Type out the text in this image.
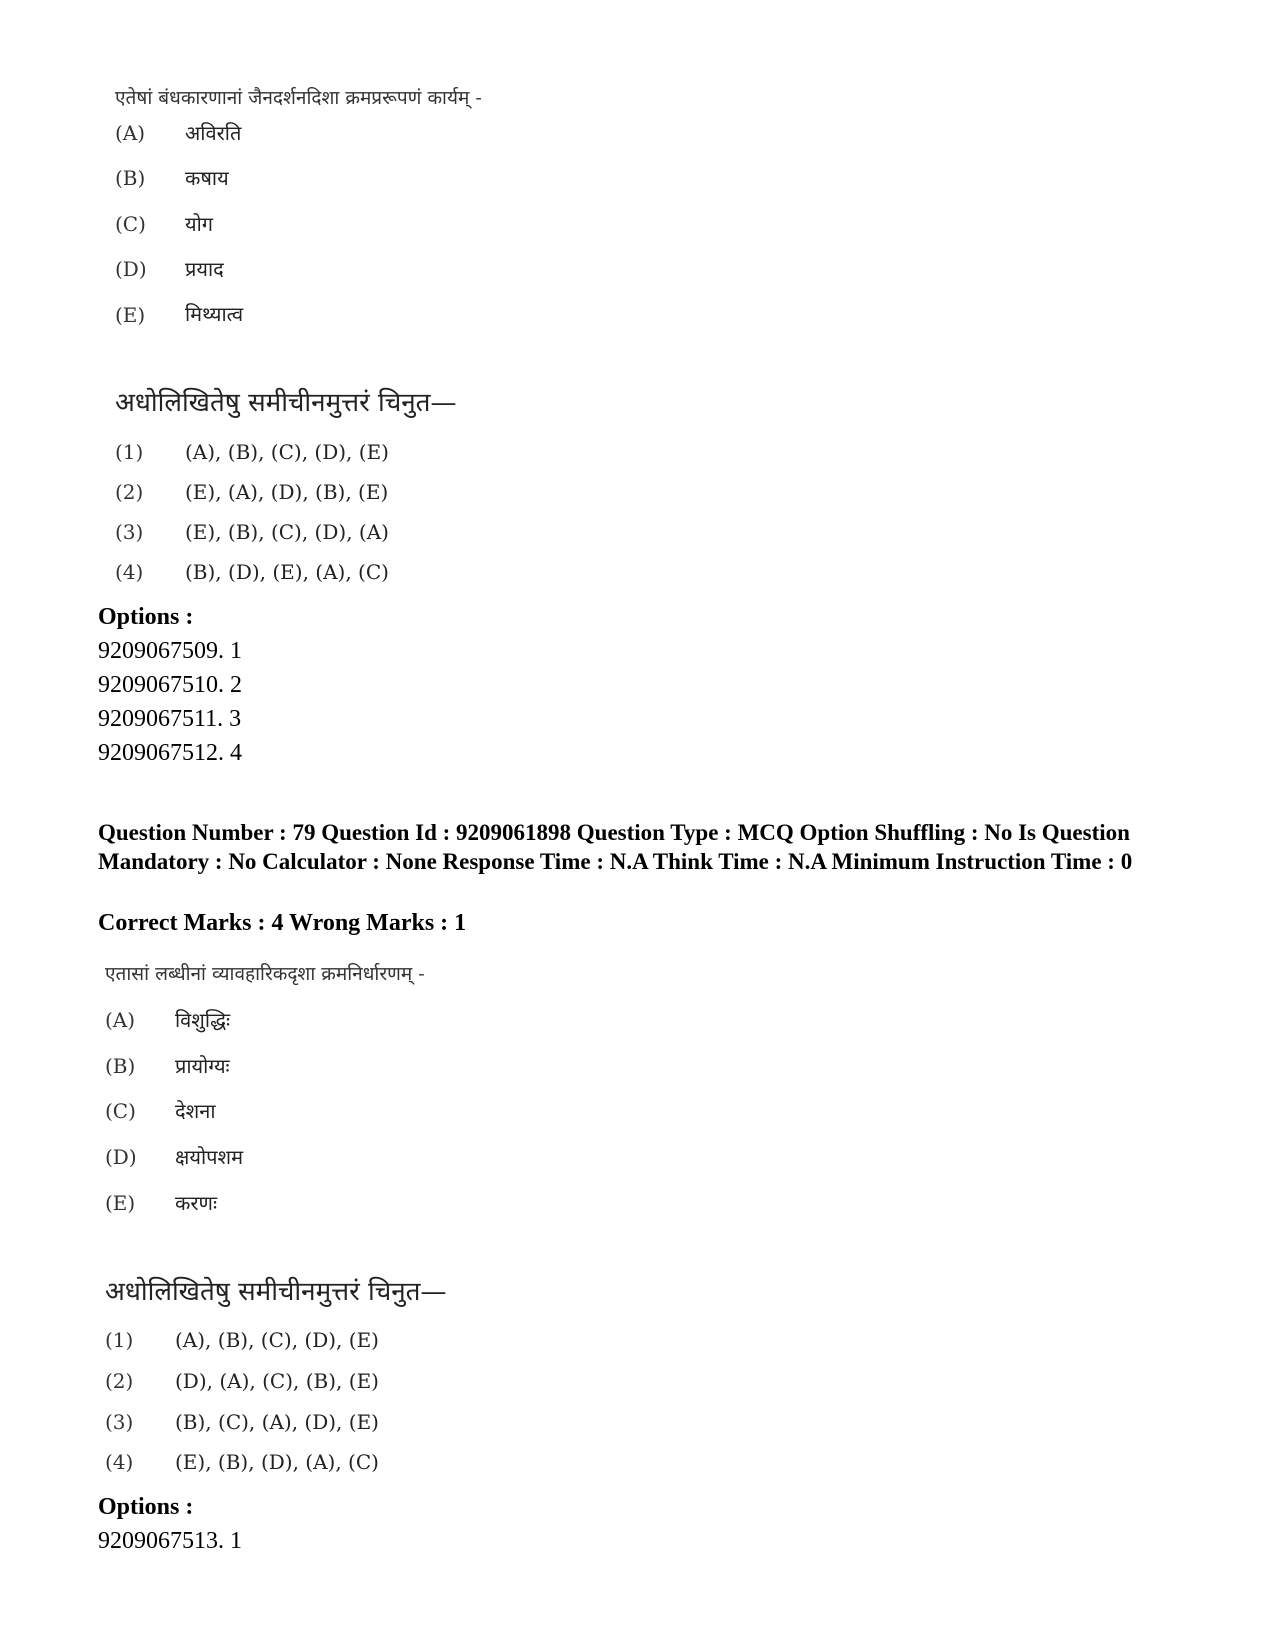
एतेषां बंधकारणानां जैनदर्शनदिशा क्रमप्ररूपणं कार्यम् -
(A) अविरति
(B) कषाय
(C) योग
(D) प्रयाद
(E) मिथ्यात्व
अधोलिखितेषु समीचीनमुत्तरं चिनुत—
(1) (A), (B), (C), (D), (E)
(2) (E), (A), (D), (B), (E)
(3) (E), (B), (C), (D), (A)
(4) (B), (D), (E), (A), (C)
Options :
9209067509. 1
9209067510. 2
9209067511. 3
9209067512. 4
Question Number : 79 Question Id : 9209061898 Question Type : MCQ Option Shuffling : No Is Question Mandatory : No Calculator : None Response Time : N.A Think Time : N.A Minimum Instruction Time : 0
Correct Marks : 4 Wrong Marks : 1
एतासां लब्धीनां व्यावहारिकदृशा क्रमनिर्धारणम् -
(A) विशुद्धिः
(B) प्रायोग्यः
(C) देशना
(D) क्षयोपशम
(E) करणः
अधोलिखितेषु समीचीनमुत्तरं चिनुत—
(1) (A), (B), (C), (D), (E)
(2) (D), (A), (C), (B), (E)
(3) (B), (C), (A), (D), (E)
(4) (E), (B), (D), (A), (C)
Options :
9209067513. 1
